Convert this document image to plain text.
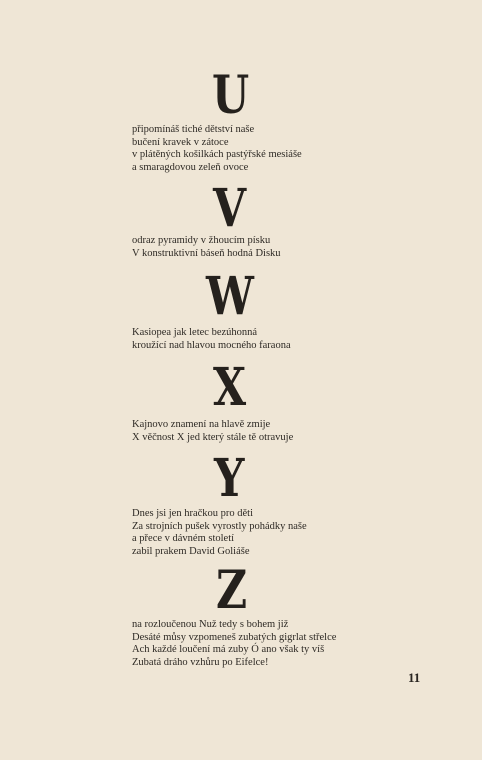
U
připomínáš tiché dětství naše
bučení kravek v zátoce
v plátěných košilkách pastýřské mesiáše
a smaragdovou zeleň ovoce
V
odraz pyramidy v žhoucím písku
V konstruktivní báseň hodná Disku
W
Kasiopea jak letec bezúhonná
kroužící nad hlavou mocného faraona
X
Kajnovo znamení na hlavě zmije
X věčnost X jed který stále tě otravuje
Y
Dnes jsi jen hračkou pro děti
Za strojních pušek vyrostly pohádky naše
a přece v dávném století
zabil prakem David Goliáše
Z
na rozloučenou Nuž tedy s bohem již
Desáté můsy vzpomeneš zubatých gigrlat střelce
Ach každé loučení má zuby Ó ano však ty víš
Zubatá dráho vzhůru po Eifelce!
11
